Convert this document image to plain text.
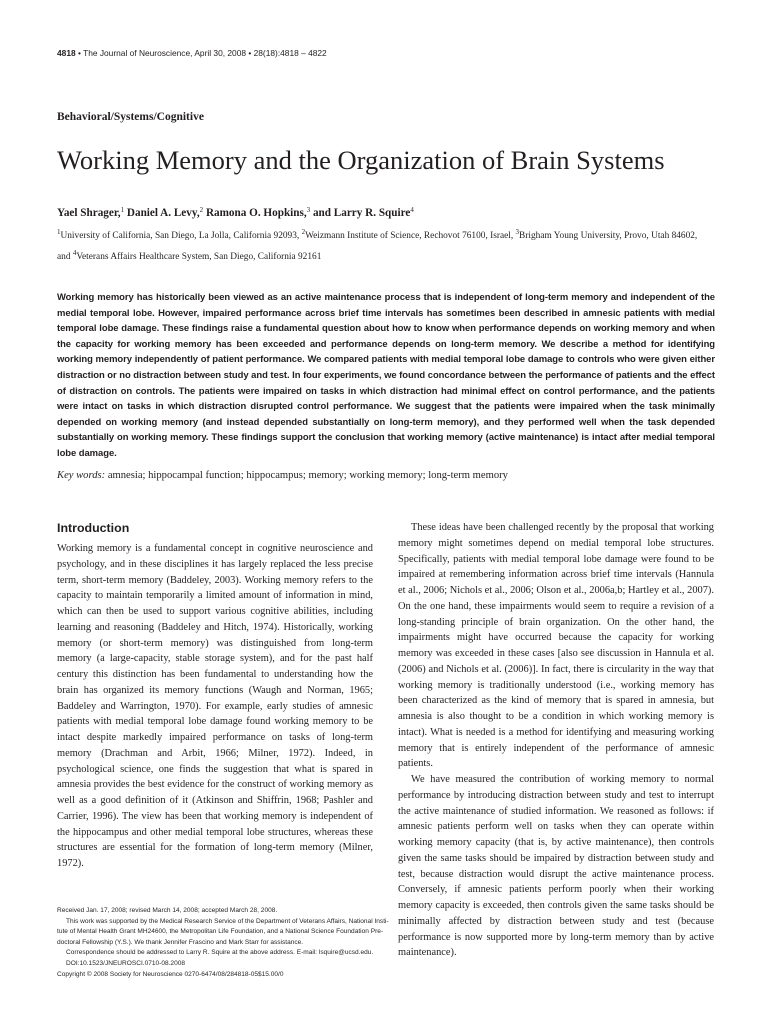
4818 • The Journal of Neuroscience, April 30, 2008 • 28(18):4818 – 4822
Behavioral/Systems/Cognitive
Working Memory and the Organization of Brain Systems
Yael Shrager,$^1$ Daniel A. Levy,$^2$ Ramona O. Hopkins,$^3$ and Larry R. Squire$^4$
$^1$University of California, San Diego, La Jolla, California 92093, $^2$Weizmann Institute of Science, Rechovot 76100, Israel, $^3$Brigham Young University, Provo, Utah 84602, and $^4$Veterans Affairs Healthcare System, San Diego, California 92161

Working memory has historically been viewed as an active maintenance process that is independent of long-term memory and independent of the medial temporal lobe. However, impaired performance across brief time intervals has sometimes been described in amnesic patients with medial temporal lobe damage. These findings raise a fundamental question about how to know when performance depends on working memory and when the capacity for working memory has been exceeded and performance depends on long-term memory. We describe a method for identifying working memory independently of patient performance. We compared patients with medial temporal lobe damage to controls who were given either distraction or no distraction between study and test. In four experiments, we found concordance between the performance of patients and the effect of distraction on controls. The patients were impaired on tasks in which distraction had minimal effect on control performance, and the patients were intact on tasks in which distraction disrupted control performance. We suggest that the patients were impaired when the task minimally depended on working memory (and instead depended substantially on long-term memory), and they performed well when the task depended substantially on working memory. These findings support the conclusion that working memory (active maintenance) is intact after medial temporal lobe damage.

Key words: amnesia; hippocampal function; hippocampus; memory; working memory; long-term memory
Introduction

Working memory is a fundamental concept in cognitive neuroscience and psychology, and in these disciplines it has largely replaced the less precise term, short-term memory (Baddeley, 2003). Working memory refers to the capacity to maintain temporarily a limited amount of information in mind, which can then be used to support various cognitive abilities, including learning and reasoning (Baddeley and Hitch, 1974). Historically, working memory (or short-term memory) was distinguished from long-term memory (a large-capacity, stable storage system), and for the past half century this distinction has been fundamental to understanding how the brain has organized its memory functions (Waugh and Norman, 1965; Baddeley and Warrington, 1970). For example, early studies of amnesic patients with medial temporal lobe damage found working memory to be intact despite markedly impaired performance on tasks of long-term memory (Drachman and Arbit, 1966; Milner, 1972). Indeed, in psychological science, one finds the suggestion that what is spared in amnesia provides the best evidence for the construct of working memory as well as a good definition of it (Atkinson and Shiffrin, 1968; Pashler and Carrier, 1996). The view has been that working memory is independent of the hippocampus and other medial temporal lobe structures, whereas these structures are essential for the formation of long-term memory (Milner, 1972).

These ideas have been challenged recently by the proposal that working memory might sometimes depend on medial temporal lobe structures. Specifically, patients with medial temporal lobe damage were found to be impaired at remembering information across brief time intervals (Hannula et al., 2006; Nichols et al., 2006; Olson et al., 2006a,b; Hartley et al., 2007). On the one hand, these impairments would seem to require a revision of a long-standing principle of brain organization. On the other hand, the impairments might have occurred because the capacity for working memory was exceeded in these cases [also see discussion in Hannula et al. (2006) and Nichols et al. (2006)]. In fact, there is circularity in the way that working memory is traditionally understood (i.e., working memory has been characterized as the kind of memory that is spared in amnesia, but amnesia is also thought to be a condition in which working memory is intact). What is needed is a method for identifying and measuring working memory that is entirely independent of the performance of amnesic patients.

We have measured the contribution of working memory to normal performance by introducing distraction between study and test to interrupt the active maintenance of studied information. We reasoned as follows: if amnesic patients perform well on tasks when they can operate within working memory capacity (that is, by active maintenance), then controls given the same tasks should be impaired by distraction between study and test, because distraction would disrupt the active maintenance process. Conversely, if amnesic patients perform poorly when their working memory capacity is exceeded, then controls given the same tasks should be minimally affected by distraction between study and test (because performance is now supported more by long-term memory than by active maintenance).

Received Jan. 17, 2008; revised March 14, 2008; accepted March 28, 2008.
This work was supported by the Medical Research Service of the Department of Veterans Affairs, National Insti-
tute of Mental Health Grant MH24600, the Metropolitan Life Foundation, and a National Science Foundation Pre-
doctoral Fellowship (Y.S.). We thank Jennifer Frascino and Mark Starr for assistance.
Correspondence should be addressed to Larry R. Squire at the above address. E-mail: lsquire@ucsd.edu.
DOI:10.1523/JNEUROSCI.0710-08.2008
Copyright © 2008 Society for Neuroscience 0270-6474/08/284818-05$15.00/0
